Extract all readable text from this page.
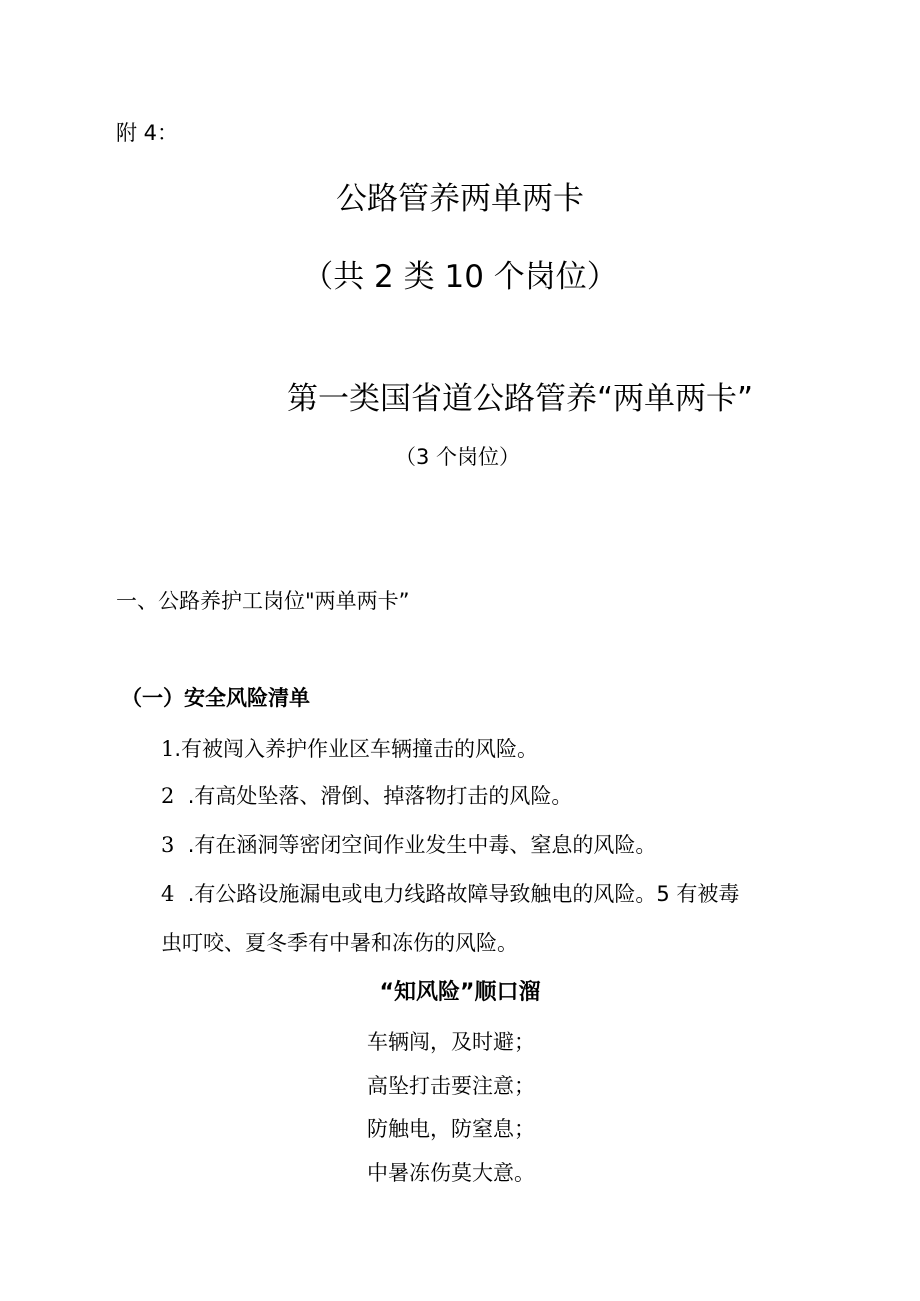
附 4：
公路管养两单两卡
（共 2 类 10 个岗位）
第一类国省道公路管养“两单两卡”
（3 个岗位）
一、公路养护工岗位"两单两卡”
（一）安全风险清单
1.有被闯入养护作业区车辆撞击的风险。
2  .有高处坠落、滑倒、掉落物打击的风险。
3  .有在涵洞等密闭空间作业发生中毒、窒息的风险。
4  .有公路设施漏电或电力线路故障导致触电的风险。5 有被毒
虫叮咬、夏冬季有中暑和冻伤的风险。
“知风险”顺口溜
车辆闯，及时避；
高坠打击要注意；
防触电，防窒息；
中暑冻伤莫大意。
